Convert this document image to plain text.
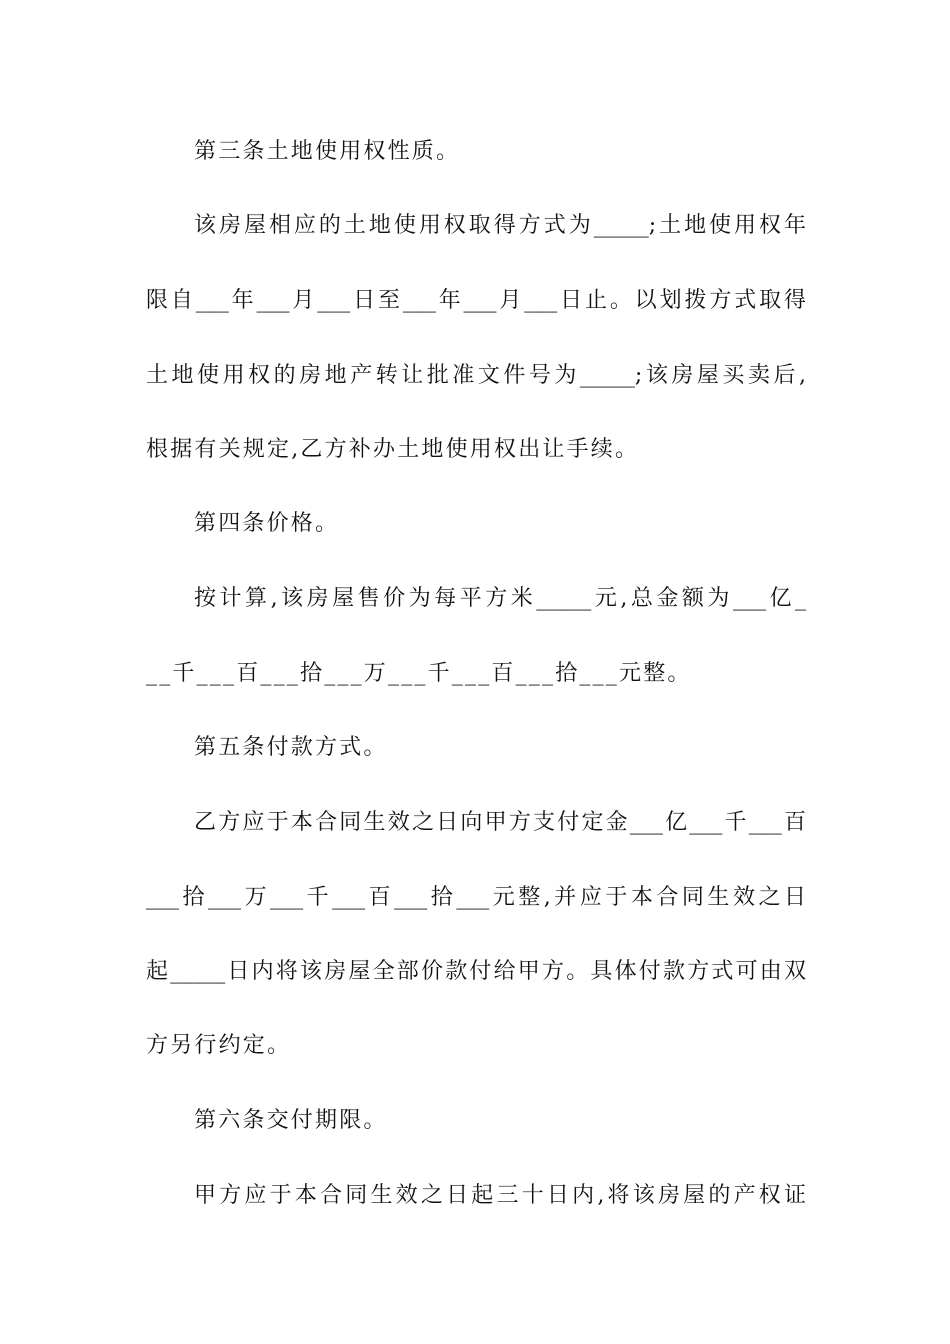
第三条土地使用权性质。
该房屋相应的土地使用权取得方式为_____;土地使用权年
限自___年___月___日至___年___月___日止。以划拨方式取得
土地使用权的房地产转让批准文件号为_____;该房屋买卖后,
根据有关规定,乙方补办土地使用权出让手续。
第四条价格。
按计算,该房屋售价为每平方米_____元,总金额为___亿_
__千___百___拾___万___千___百___拾___元整。
第五条付款方式。
乙方应于本合同生效之日向甲方支付定金___亿___千___百
___拾___万___千___百___拾___元整,并应于本合同生效之日
起_____日内将该房屋全部价款付给甲方。具体付款方式可由双
方另行约定。
第六条交付期限。
甲方应于本合同生效之日起三十日内,将该房屋的产权证
